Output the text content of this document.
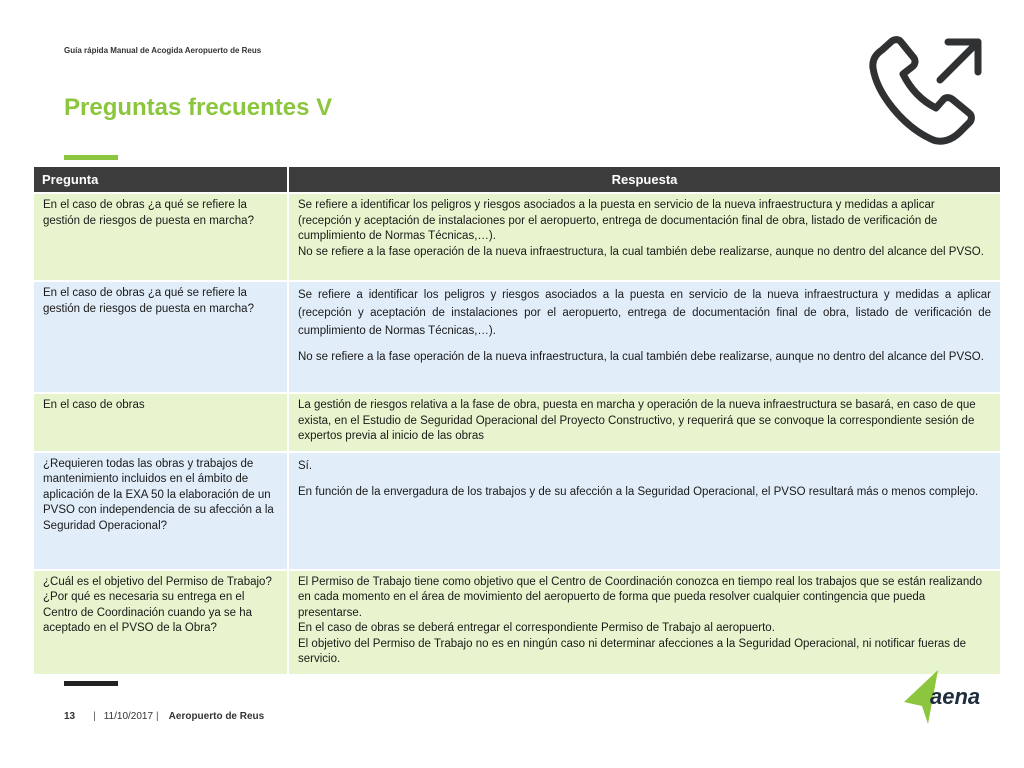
Guía rápida Manual de Acogida Aeropuerto de Reus
Preguntas frecuentes V
Pregunta	Respuesta
En el caso de obras ¿a qué se refiere la gestión de riesgos de puesta en marcha?	Se refiere a identificar los peligros y riesgos asociados a la puesta en servicio de la nueva infraestructura y medidas a aplicar (recepción y aceptación de instalaciones por el aeropuerto, entrega de documentación final de obra, listado de verificación de cumplimiento de Normas Técnicas,…).

No se refiere a la fase operación de la nueva infraestructura, la cual también debe realizarse, aunque no dentro del alcance del PVSO.

En el caso de obras ¿a qué se refiere la gestión de riesgos de puesta en marcha?	Se refiere a identificar los peligros y riesgos asociados a la puesta en servicio de la nueva infraestructura y medidas a aplicar (recepción y aceptación de instalaciones por el aeropuerto, entrega de documentación final de obra, listado de verificación de cumplimiento de Normas Técnicas,…).

No se refiere a la fase operación de la nueva infraestructura, la cual también debe realizarse, aunque no dentro del alcance del PVSO.

En el caso de obras	La gestión de riesgos relativa a la fase de obra, puesta en marcha y operación de la nueva infraestructura se basará, en caso de que exista, en el Estudio de Seguridad Operacional del Proyecto Constructivo, y requerirá que se convoque la correspondiente sesión de expertos previa al inicio de las obras

¿Requieren todas las obras y trabajos de mantenimiento incluidos en el ámbito de aplicación de la EXA 50 la elaboración de un PVSO con independencia de su afección a la Seguridad Operacional?	Sí.

En función de la envergadura de los trabajos y de su afección a la Seguridad Operacional, el PVSO resultará más o menos complejo.

¿Cuál es el objetivo del Permiso de Trabajo? ¿Por qué es necesaria su entrega en el Centro de Coordinación cuando ya se ha aceptado en el PVSO de la Obra?	El Permiso de Trabajo tiene como objetivo que el Centro de Coordinación conozca en tiempo real los trabajos que se están realizando en cada momento en el área de movimiento del aeropuerto de forma que pueda resolver cualquier contingencia que pueda presentarse.

En el caso de obras se deberá entregar el correspondiente Permiso de Trabajo al aeropuerto.

El objetivo del Permiso de Trabajo no es en ningún caso ni determinar afecciones a la Seguridad Operacional, ni notificar fueras de servicio.

13 | 11/10/2017 | Aeropuerto de Reus
aena
